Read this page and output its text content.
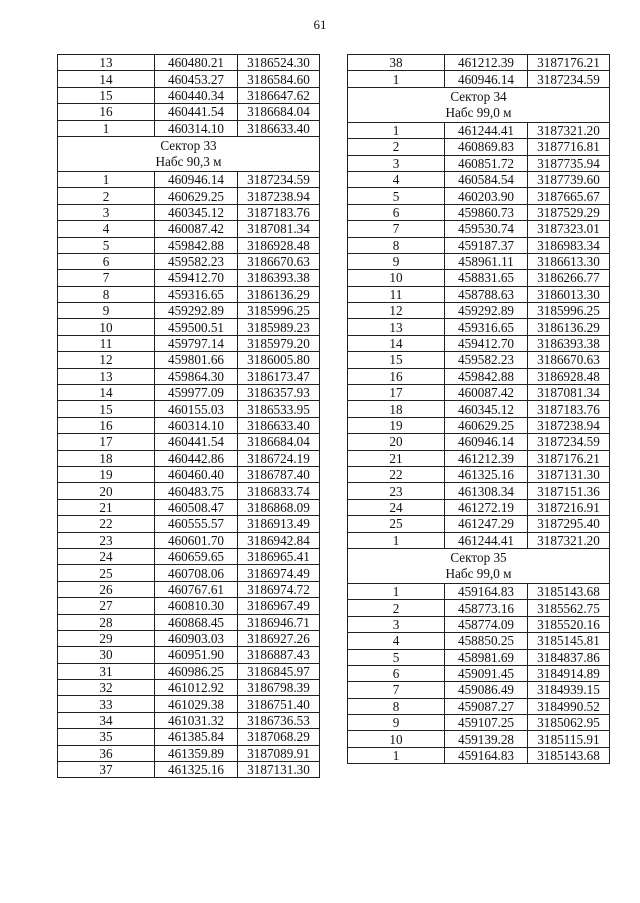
61
13	460480.21	3186524.30
14	460453.27	3186584.60
15	460440.34	3186647.62
16	460441.54	3186684.04
1	460314.10	3186633.40

Сектор 33
Набс 90,3 м		

1	460946.14	3187234.59
2	460629.25	3187238.94
3	460345.12	3187183.76
4	460087.42	3187081.34
5	459842.88	3186928.48
6	459582.23	3186670.63
7	459412.70	3186393.38
8	459316.65	3186136.29
9	459292.89	3185996.25
10	459500.51	3185989.23
11	459797.14	3185979.20
12	459801.66	3186005.80
13	459864.30	3186173.47
14	459977.09	3186357.93
15	460155.03	3186533.95
16	460314.10	3186633.40
17	460441.54	3186684.04
18	460442.86	3186724.19
19	460460.40	3186787.40
20	460483.75	3186833.74
21	460508.47	3186868.09
22	460555.57	3186913.49
23	460601.70	3186942.84
24	460659.65	3186965.41
25	460708.06	3186974.49
26	460767.61	3186974.72
27	460810.30	3186967.49
28	460868.45	3186946.71
29	460903.03	3186927.26
30	460951.90	3186887.43
31	460986.25	3186845.97
32	461012.92	3186798.39
33	461029.38	3186751.40
34	461031.32	3186736.53
35	461385.84	3187068.29
36	461359.89	3187089.91
37	461325.16	3187131.30
38	461212.39	3187176.21
1	460946.14	3187234.59

Сектор 34
Набс 99,0 м		

1	461244.41	3187321.20
2	460869.83	3187716.81
3	460851.72	3187735.94
4	460584.54	3187739.60
5	460203.90	3187665.67
6	459860.73	3187529.29
7	459530.74	3187323.01
8	459187.37	3186983.34
9	458961.11	3186613.30
10	458831.65	3186266.77
11	458788.63	3186013.30
12	459292.89	3185996.25
13	459316.65	3186136.29
14	459412.70	3186393.38
15	459582.23	3186670.63
16	459842.88	3186928.48
17	460087.42	3187081.34
18	460345.12	3187183.76
19	460629.25	3187238.94
20	460946.14	3187234.59
21	461212.39	3187176.21
22	461325.16	3187131.30
23	461308.34	3187151.36
24	461272.19	3187216.91
25	461247.29	3187295.40
1	461244.41	3187321.20

Сектор 35
Набс 99,0 м		

1	459164.83	3185143.68
2	458773.16	3185562.75
3	458774.09	3185520.16
4	458850.25	3185145.81
5	458981.69	3184837.86
6	459091.45	3184914.89
7	459086.49	3184939.15
8	459087.27	3184990.52
9	459107.25	3185062.95
10	459139.28	3185115.91
1	459164.83	3185143.68
